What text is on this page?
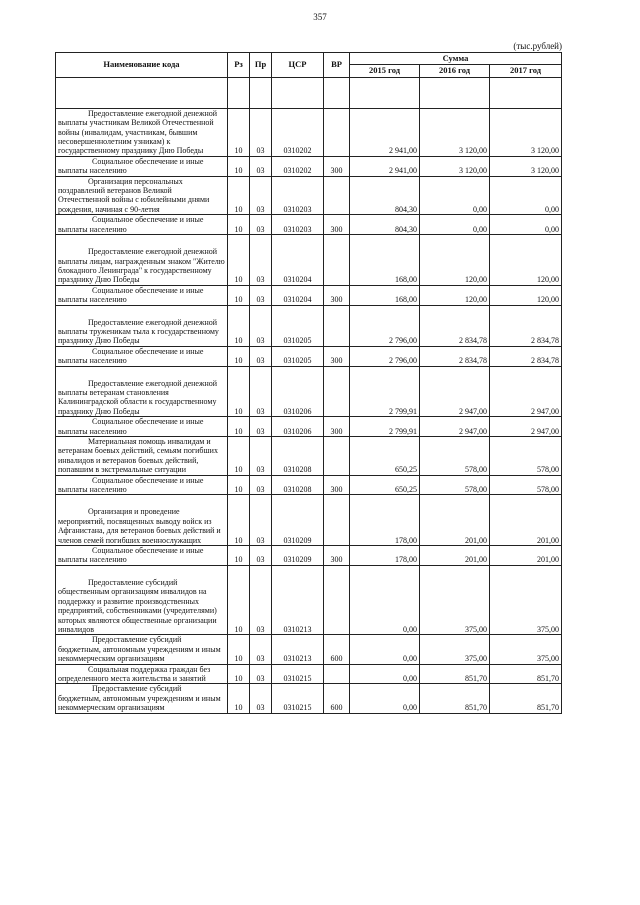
357
(тыс.рублей)
Наименование кода	Рз	Пр	ЦСР	ВР	Сумма		
					2015 год	2016 год	2017 год

Предоставление ежегодной денежной выплаты участникам Великой Отечественной войны (инвалидам, участникам, бывшим несовершеннолетним узникам) к государственному празднику Дню Победы	10	03	0310202		2 941,00	3 120,00	3 120,00
Социальное обеспечение и иные выплаты населению	10	03	0310202	300	2 941,00	3 120,00	3 120,00
Организация персональных поздравлений ветеранов Великой Отечественной войны с юбилейными днями рождения, начиная с 90-летия	10	03	0310203		804,30	0,00	0,00
Социальное обеспечение и иные выплаты населению	10	03	0310203	300	804,30	0,00	0,00
Предоставление ежегодной денежной выплаты лицам, награжденным знаком "Жителю блокадного Ленинграда" к государственному празднику Дню Победы	10	03	0310204		168,00	120,00	120,00
Социальное обеспечение и иные выплаты населению	10	03	0310204	300	168,00	120,00	120,00
Предоставление ежегодной денежной выплаты труженикам тыла к государственному празднику Дню Победы	10	03	0310205		2 796,00	2 834,78	2 834,78
Социальное обеспечение и иные выплаты населению	10	03	0310205	300	2 796,00	2 834,78	2 834,78
Предоставление ежегодной денежной выплаты ветеранам становления Калининградской области к государственному празднику Дню Победы	10	03	0310206		2 799,91	2 947,00	2 947,00
Социальное обеспечение и иные выплаты населению	10	03	0310206	300	2 799,91	2 947,00	2 947,00
Материальная помощь инвалидам и ветеранам боевых действий, семьям погибших инвалидов и ветеранов боевых действий, попавшим в экстремальные ситуации	10	03	0310208		650,25	578,00	578,00
Социальное обеспечение и иные выплаты населению	10	03	0310208	300	650,25	578,00	578,00
Организация и проведение мероприятий, посвященных выводу войск из Афганистана, для ветеранов боевых действий и членов семей погибших военнослужащих	10	03	0310209		178,00	201,00	201,00
Социальное обеспечение и иные выплаты населению	10	03	0310209	300	178,00	201,00	201,00
Предоставление субсидий общественным организациям инвалидов на поддержку и развитие производственных предприятий, собственниками (учредителями) которых являются общественные организации инвалидов	10	03	0310213		0,00	375,00	375,00
Предоставление субсидий бюджетным, автономным учреждениям и иным некоммерческим организациям	10	03	0310213	600	0,00	375,00	375,00
Социальная поддержка граждан без определенного места жительства и занятий	10	03	0310215		0,00	851,70	851,70
Предоставление субсидий бюджетным, автономным учреждениям и иным некоммерческим организациям	10	03	0310215	600	0,00	851,70	851,70
